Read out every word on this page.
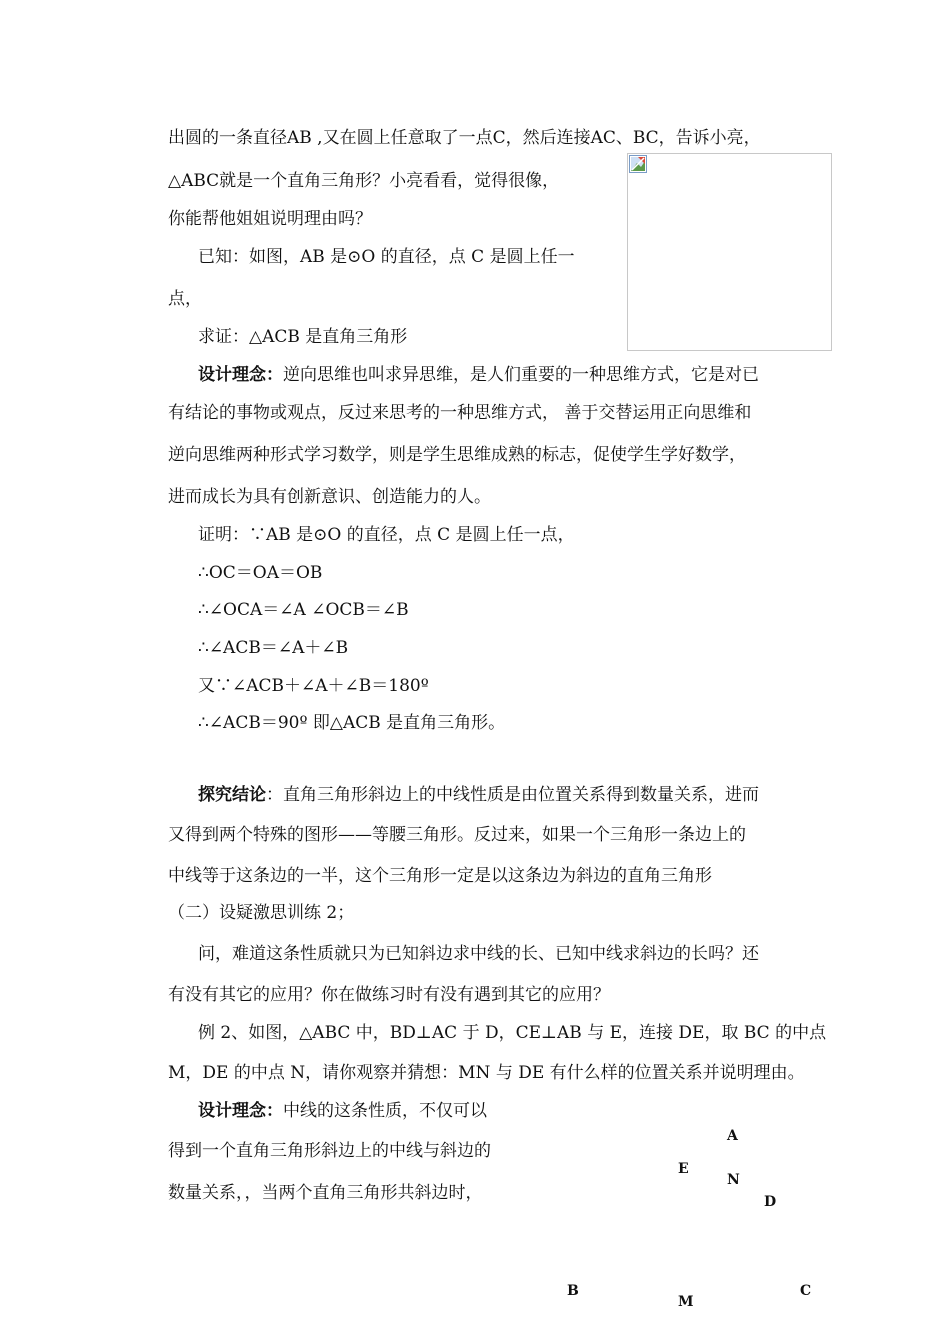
出圆的一条直径AB ,又在圆上任意取了一点C，然后连接AC、BC，告诉小亮，
△ABC就是一个直角三角形？小亮看看，觉得很像，
你能帮他姐姐说明理由吗？
已知：如图，AB 是⊙O 的直径，点 C 是圆上任一
点，
求证：△ACB 是直角三角形
设计理念：逆向思维也叫求异思维，是人们重要的一种思维方式，它是对已
有结论的事物或观点，反过来思考的一种思维方式， 善于交替运用正向思维和
逆向思维两种形式学习数学，则是学生思维成熟的标志，促使学生学好数学，
进而成长为具有创新意识、创造能力的人。
证明：∵AB 是⊙O 的直径，点 C 是圆上任一点，
∴OC＝OA＝OB
∴∠OCA＝∠A ∠OCB＝∠B
∴∠ACB＝∠A＋∠B
又∵∠ACB＋∠A＋∠B＝180º
∴∠ACB＝90º 即△ACB 是直角三角形。
探究结论：直角三角形斜边上的中线性质是由位置关系得到数量关系，进而
又得到两个特殊的图形——等腰三角形。反过来，如果一个三角形一条边上的
中线等于这条边的一半，这个三角形一定是以这条边为斜边的直角三角形
（二）设疑激思训练 2；
问，难道这条性质就只为已知斜边求中线的长、已知中线求斜边的长吗？还
有没有其它的应用？你在做练习时有没有遇到其它的应用？
例 2、如图，△ABC 中，BD⊥AC 于 D，CE⊥AB 与 E，连接 DE，取 BC 的中点
M，DE 的中点 N，请你观察并猜想：MN 与 DE 有什么样的位置关系并说明理由。
设计理念：中线的这条性质，不仅可以
得到一个直角三角形斜边上的中线与斜边的
数量关系，，当两个直角三角形共斜边时，
A
E
N
D
B
M
C
